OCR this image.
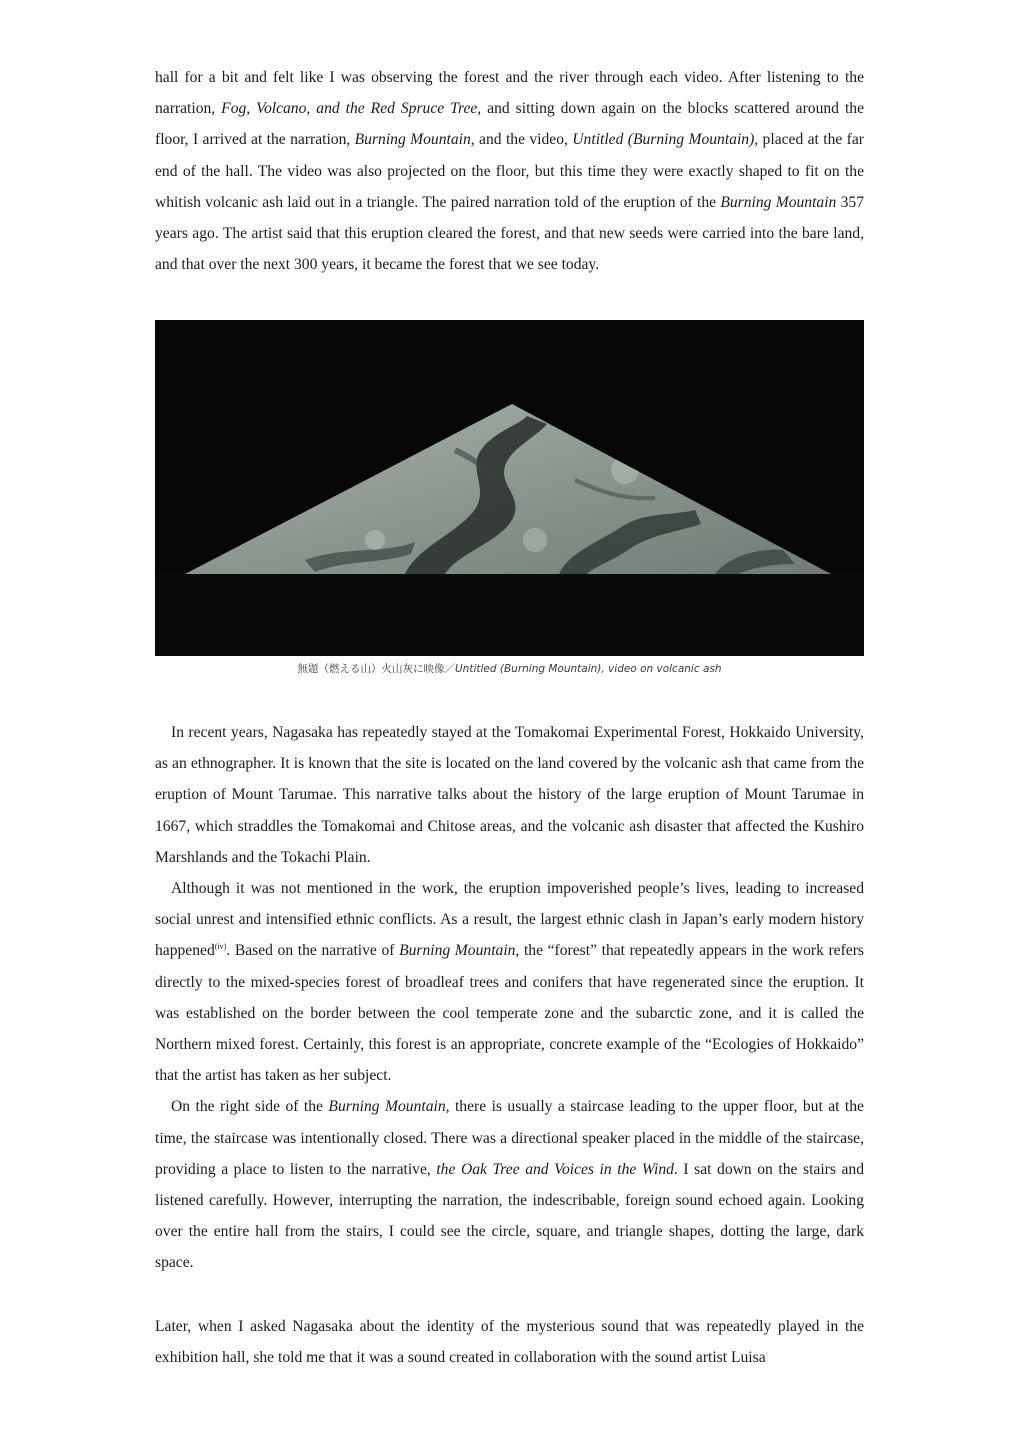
hall for a bit and felt like I was observing the forest and the river through each video. After listening to the narration, Fog, Volcano, and the Red Spruce Tree, and sitting down again on the blocks scattered around the floor, I arrived at the narration, Burning Mountain, and the video, Untitled (Burning Mountain), placed at the far end of the hall. The video was also projected on the floor, but this time they were exactly shaped to fit on the whitish volcanic ash laid out in a triangle. The paired narration told of the eruption of the Burning Mountain 357 years ago. The artist said that this eruption cleared the forest, and that new seeds were carried into the bare land, and that over the next 300 years, it became the forest that we see today.

無題（燃える山）火山灰に映像／Untitled (Burning Mountain), video on volcanic ash

In recent years, Nagasaka has repeatedly stayed at the Tomakomai Experimental Forest, Hokkaido University, as an ethnographer. It is known that the site is located on the land covered by the volcanic ash that came from the eruption of Mount Tarumae. This narrative talks about the history of the large eruption of Mount Tarumae in 1667, which straddles the Tomakomai and Chitose areas, and the volcanic ash disaster that affected the Kushiro Marshlands and the Tokachi Plain.

Although it was not mentioned in the work, the eruption impoverished people’s lives, leading to increased social unrest and intensified ethnic conflicts. As a result, the largest ethnic clash in Japan’s early modern history happened$^{(iv)}$. Based on the narrative of Burning Mountain, the “forest” that repeatedly appears in the work refers directly to the mixed-species forest of broadleaf trees and conifers that have regenerated since the eruption. It was established on the border between the cool temperate zone and the subarctic zone, and it is called the Northern mixed forest. Certainly, this forest is an appropriate, concrete example of the “Ecologies of Hokkaido” that the artist has taken as her subject.

On the right side of the Burning Mountain, there is usually a staircase leading to the upper floor, but at the time, the staircase was intentionally closed. There was a directional speaker placed in the middle of the staircase, providing a place to listen to the narrative, the Oak Tree and Voices in the Wind. I sat down on the stairs and listened carefully. However, interrupting the narration, the indescribable, foreign sound echoed again. Looking over the entire hall from the stairs, I could see the circle, square, and triangle shapes, dotting the large, dark space.

Later, when I asked Nagasaka about the identity of the mysterious sound that was repeatedly played in the exhibition hall, she told me that it was a sound created in collaboration with the sound artist Luisa
